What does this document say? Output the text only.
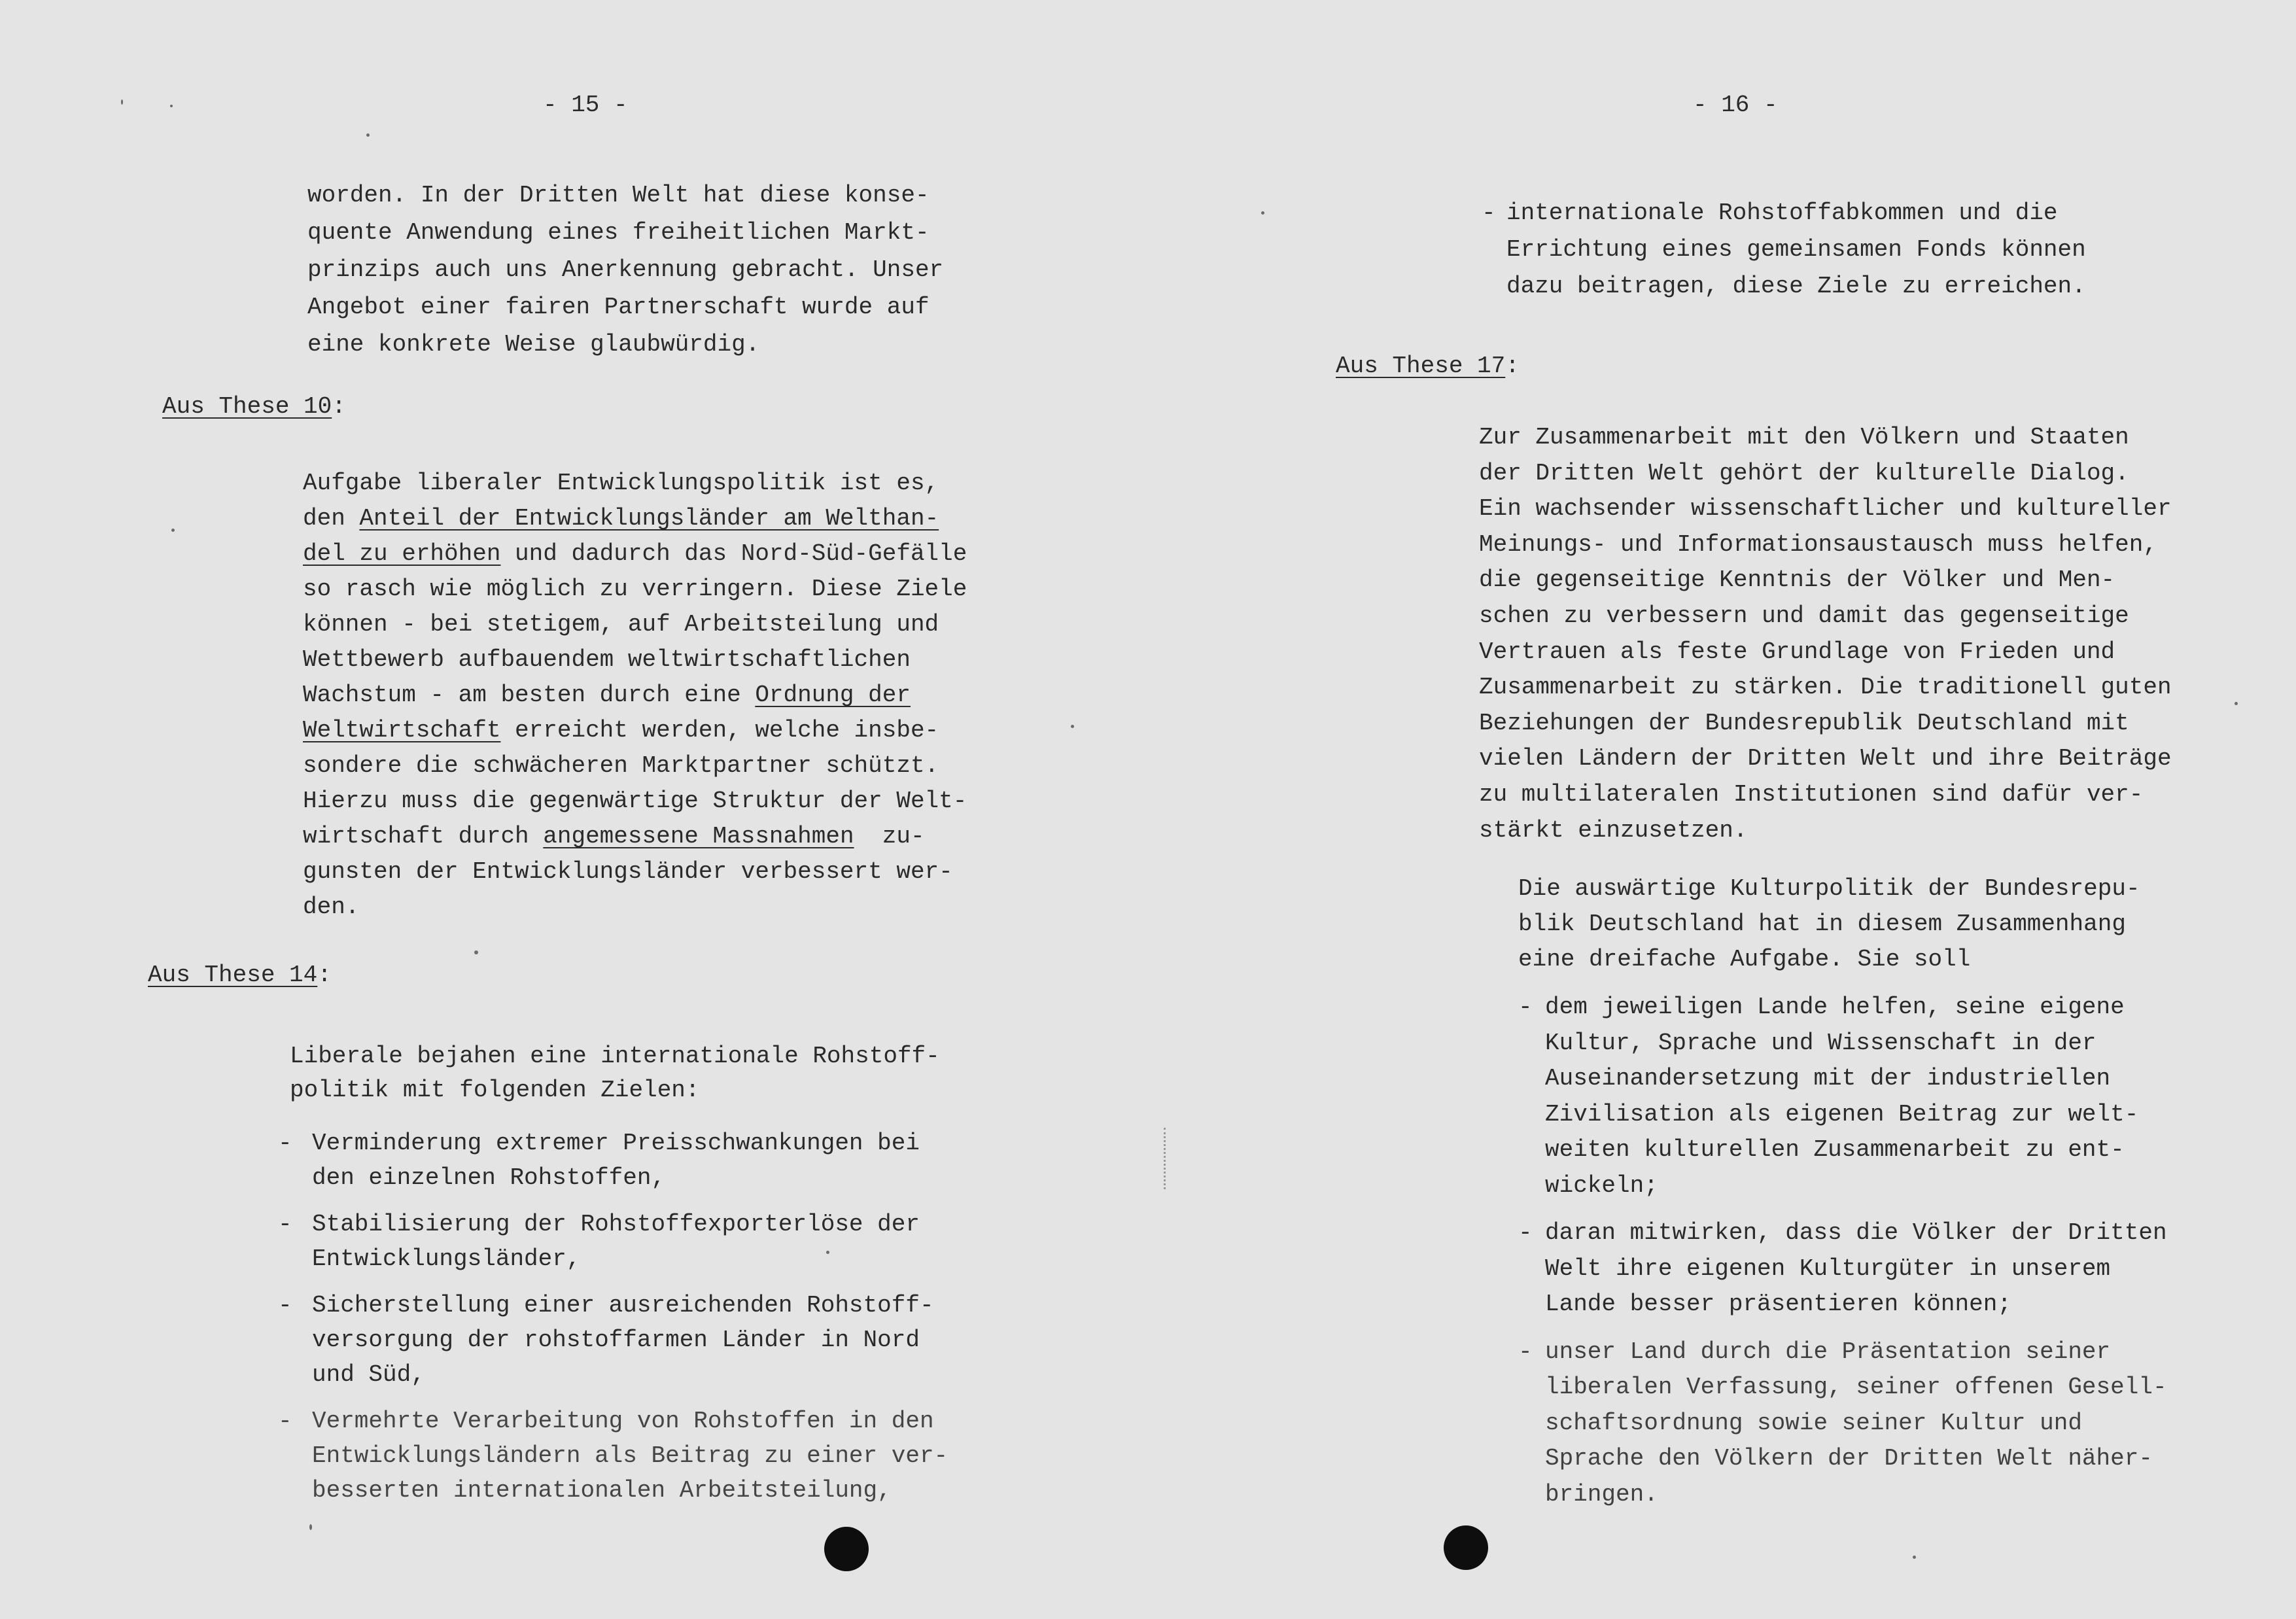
- 15 -
worden. In der Dritten Welt hat diese konse-
quente Anwendung eines freiheitlichen Markt-
prinzips auch uns Anerkennung gebracht. Unser
Angebot einer fairen Partnerschaft wurde auf
eine konkrete Weise glaubwürdig.
Aus These 10:
Aufgabe liberaler Entwicklungspolitik ist es,
den Anteil der Entwicklungsländer am Welthan-
del zu erhöhen und dadurch das Nord-Süd-Gefälle
so rasch wie möglich zu verringern. Diese Ziele
können - bei stetigem, auf Arbeitsteilung und
Wettbewerb aufbauendem weltwirtschaftlichen
Wachstum - am besten durch eine Ordnung der
Weltwirtschaft erreicht werden, welche insbe-
sondere die schwächeren Marktpartner schützt.
Hierzu muss die gegenwärtige Struktur der Welt-
wirtschaft durch angemessene Massnahmen  zu-
gunsten der Entwicklungsländer verbessert wer-
den.
Aus These 14:
Liberale bejahen eine internationale Rohstoff-
politik mit folgenden Zielen:
- Verminderung extremer Preisschwankungen bei
den einzelnen Rohstoffen,
- Stabilisierung der Rohstoffexporterlöse der
Entwicklungsländer,
- Sicherstellung einer ausreichenden Rohstoff-
versorgung der rohstoffarmen Länder in Nord
und Süd,
- Vermehrte Verarbeitung von Rohstoffen in den
Entwicklungsländern als Beitrag zu einer ver-
besserten internationalen Arbeitsteilung,
- 16 -
- internationale Rohstoffabkommen und die
Errichtung eines gemeinsamen Fonds können
dazu beitragen, diese Ziele zu erreichen.
Aus These 17:
Zur Zusammenarbeit mit den Völkern und Staaten
der Dritten Welt gehört der kulturelle Dialog.
Ein wachsender wissenschaftlicher und kultureller
Meinungs- und Informationsaustausch muss helfen,
die gegenseitige Kenntnis der Völker und Men-
schen zu verbessern und damit das gegenseitige
Vertrauen als feste Grundlage von Frieden und
Zusammenarbeit zu stärken. Die traditionell guten
Beziehungen der Bundesrepublik Deutschland mit
vielen Ländern der Dritten Welt und ihre Beiträge
zu multilateralen Institutionen sind dafür ver-
stärkt einzusetzen.
Die auswärtige Kulturpolitik der Bundesrepu-
blik Deutschland hat in diesem Zusammenhang
eine dreifache Aufgabe. Sie soll
- dem jeweiligen Lande helfen, seine eigene
Kultur, Sprache und Wissenschaft in der
Auseinandersetzung mit der industriellen
Zivilisation als eigenen Beitrag zur welt-
weiten kulturellen Zusammenarbeit zu ent-
wickeln;
- daran mitwirken, dass die Völker der Dritten
Welt ihre eigenen Kulturgüter in unserem
Lande besser präsentieren können;
- unser Land durch die Präsentation seiner
liberalen Verfassung, seiner offenen Gesell-
schaftsordnung sowie seiner Kultur und
Sprache den Völkern der Dritten Welt näher-
bringen.
